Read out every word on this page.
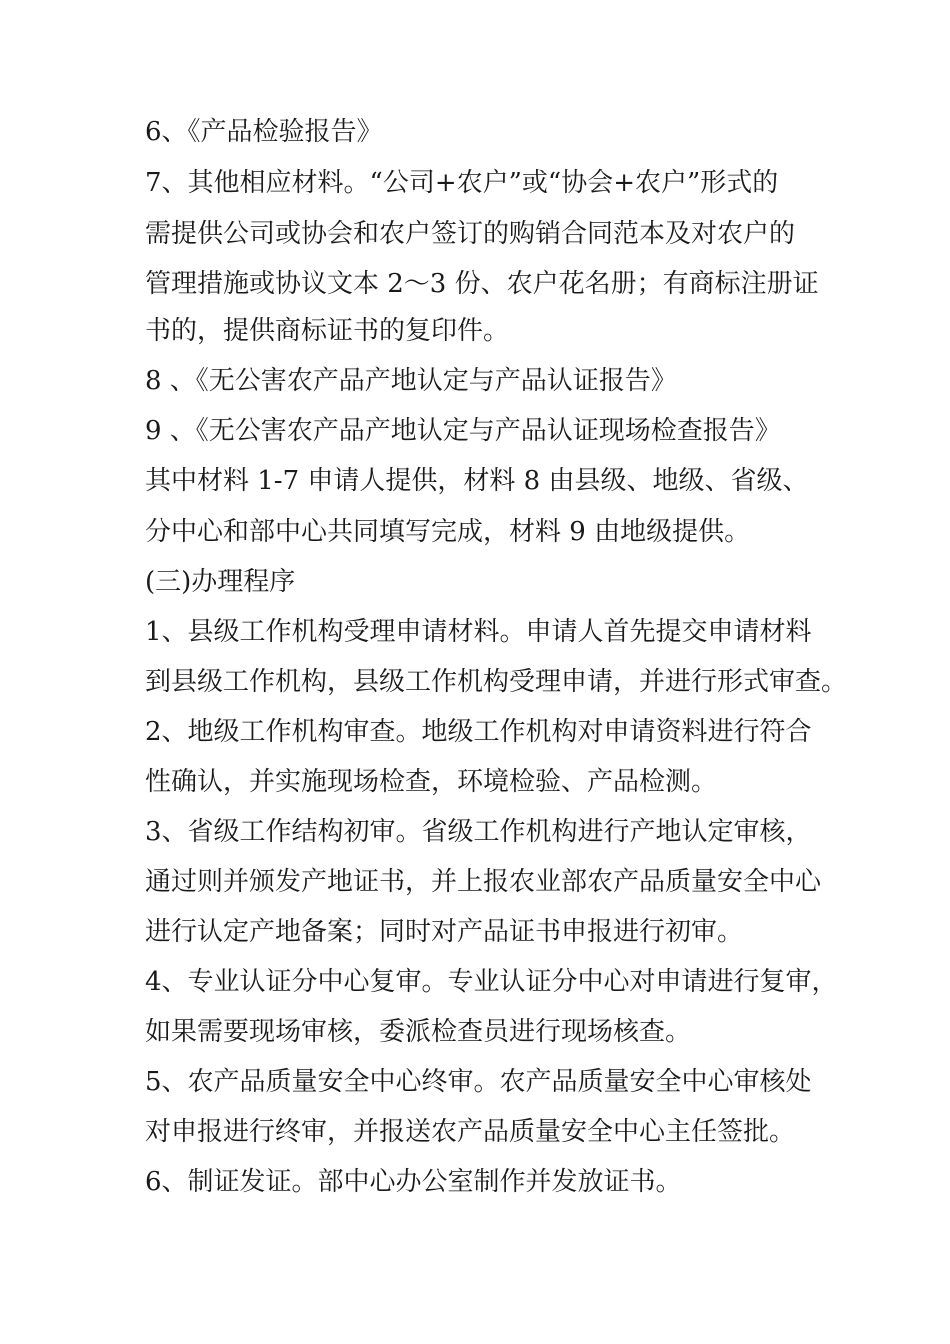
6、《产品检验报告》
7、其他相应材料。“公司+农户”或“协会+农户”形式的
需提供公司或协会和农户签订的购销合同范本及对农户的
管理措施或协议文本 2～3 份、农户花名册；有商标注册证
书的，提供商标证书的复印件。
8 、《无公害农产品产地认定与产品认证报告》
9 、《无公害农产品产地认定与产品认证现场检查报告》
其中材料 1-7 申请人提供，材料 8 由县级、地级、省级、
分中心和部中心共同填写完成，材料 9 由地级提供。
(三)办理程序
1、县级工作机构受理申请材料。申请人首先提交申请材料
到县级工作机构，县级工作机构受理申请，并进行形式审查。
2、地级工作机构审查。地级工作机构对申请资料进行符合
性确认，并实施现场检查，环境检验、产品检测。
3、省级工作结构初审。省级工作机构进行产地认定审核，
通过则并颁发产地证书，并上报农业部农产品质量安全中心
进行认定产地备案；同时对产品证书申报进行初审。
4、专业认证分中心复审。专业认证分中心对申请进行复审，
如果需要现场审核，委派检查员进行现场核查。
5、农产品质量安全中心终审。农产品质量安全中心审核处
对申报进行终审，并报送农产品质量安全中心主任签批。
6、制证发证。部中心办公室制作并发放证书。
